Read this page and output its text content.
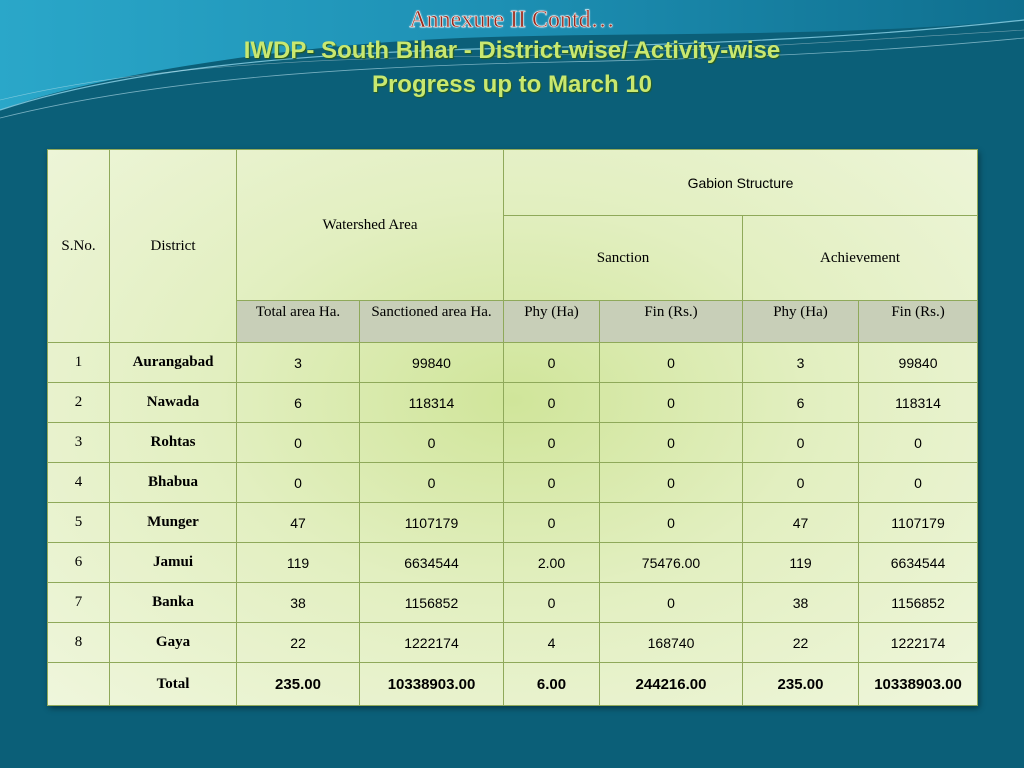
Annexure II Contd…
IWDP- South Bihar - District-wise/ Activity-wise
Progress up to March 10
S.No.	District	Watershed Area		Gabion Structure			
				Sanction		Achievement	
		Total area Ha.	Sanctioned area Ha.	Phy (Ha)	Fin (Rs.)	Phy (Ha)	Fin (Rs.)
1	Aurangabad	3	99840	0	0	3	99840
2	Nawada	6	118314	0	0	6	118314
3	Rohtas	0	0	0	0	0	0
4	Bhabua	0	0	0	0	0	0
5	Munger	47	1107179	0	0	47	1107179
6	Jamui	119	6634544	2.00	75476.00	119	6634544
7	Banka	38	1156852	0	0	38	1156852
8	Gaya	22	1222174	4	168740	22	1222174
	Total	235.00	10338903.00	6.00	244216.00	235.00	10338903.00
